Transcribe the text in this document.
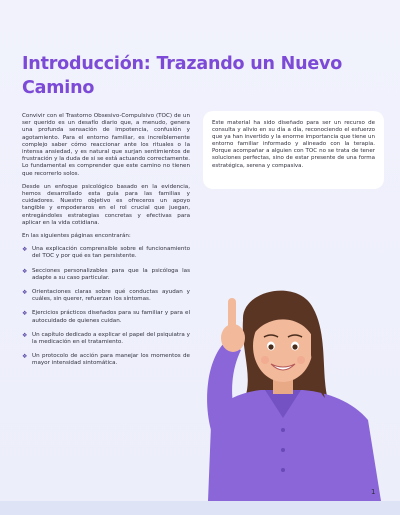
Introducción: Trazando un Nuevo Camino

Convivir con el Trastorno Obsesivo-Compulsivo (TOC) de un ser querido es un desafío diario que, a menudo, genera una profunda sensación de impotencia, confusión y agotamiento. Para el entorno familiar, es increíblemente complejo saber cómo reaccionar ante los rituales o la intensa ansiedad, y es natural que surjan sentimientos de frustración y la duda de si se está actuando correctamente. Lo fundamental es comprender que este camino no tienen que recorrerlo solos.

Desde un enfoque psicológico basado en la evidencia, hemos desarrollado esta guía para las familias y cuidadores. Nuestro objetivo es ofreceros un apoyo tangible y empoderaros en el rol crucial que juegan, entregándoles estrategias concretas y efectivas para aplicar en la vida cotidiana.

En las siguientes páginas encontrarán:

❖ Una explicación comprensible sobre el funcionamiento del TOC y por qué es tan persistente.
❖ Secciones personalizables para que la psicóloga las adapte a su caso particular.
❖ Orientaciones claras sobre qué conductas ayudan y cuáles, sin querer, refuerzan los síntomas.
❖ Ejercicios prácticos diseñados para su familiar y para el autocuidado de quienes cuidan.
❖ Un capítulo dedicado a explicar el papel del psiquiatra y la medicación en el tratamiento.
❖ Un protocolo de acción para manejar los momentos de mayor intensidad sintomática.
Este material ha sido diseñado para ser un recurso de consulta y alivio en su día a día, reconociendo el esfuerzo que ya han invertido y la enorme importancia que tiene un entorno familiar informado y alineado con la terapia. Porque acompañar a alguien con TOC no se trata de tener soluciones perfectas, sino de estar presente de una forma estratégica, serena y compasiva.
1
